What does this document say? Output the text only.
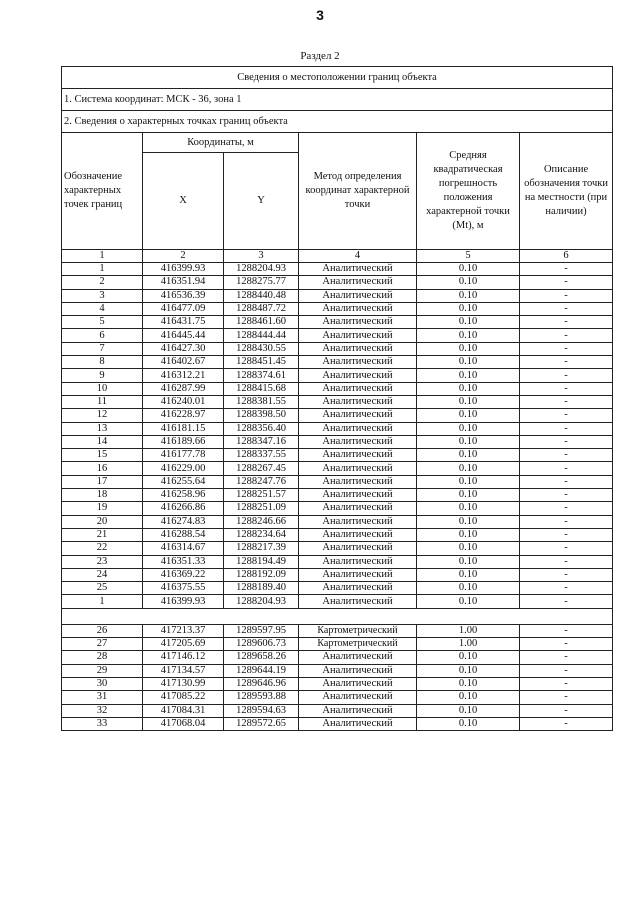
3
Раздел 2
Сведения о местоположении границ объекта					
1. Система координат: МСК - 36, зона 1					
2. Сведения о характерных точках границ объекта					
Обозначение характерных точек границ	Координаты, м		Метод определения координат характерной точки	Средняя квадратическая погрешность положения характерной точки (Mt), м	Описание обозначения точки на местности (при наличии)
	X	Y			
1	2	3	4	5	6
1	416399.93	1288204.93	Аналитический	0.10	-
2	416351.94	1288275.77	Аналитический	0.10	-
3	416536.39	1288440.48	Аналитический	0.10	-
4	416477.09	1288487.72	Аналитический	0.10	-
5	416431.75	1288461.60	Аналитический	0.10	-
6	416445.44	1288444.44	Аналитический	0.10	-
7	416427.30	1288430.55	Аналитический	0.10	-
8	416402.67	1288451.45	Аналитический	0.10	-
9	416312.21	1288374.61	Аналитический	0.10	-
10	416287.99	1288415.68	Аналитический	0.10	-
11	416240.01	1288381.55	Аналитический	0.10	-
12	416228.97	1288398.50	Аналитический	0.10	-
13	416181.15	1288356.40	Аналитический	0.10	-
14	416189.66	1288347.16	Аналитический	0.10	-
15	416177.78	1288337.55	Аналитический	0.10	-
16	416229.00	1288267.45	Аналитический	0.10	-
17	416255.64	1288247.76	Аналитический	0.10	-
18	416258.96	1288251.57	Аналитический	0.10	-
19	416266.86	1288251.09	Аналитический	0.10	-
20	416274.83	1288246.66	Аналитический	0.10	-
21	416288.54	1288234.64	Аналитический	0.10	-
22	416314.67	1288217.39	Аналитический	0.10	-
23	416351.33	1288194.49	Аналитический	0.10	-
24	416369.22	1288192.09	Аналитический	0.10	-
25	416375.55	1288189.40	Аналитический	0.10	-
1	416399.93	1288204.93	Аналитический	0.10	-

26	417213.37	1289597.95	Картометрический	1.00	-
27	417205.69	1289606.73	Картометрический	1.00	-
28	417146.12	1289658.26	Аналитический	0.10	-
29	417134.57	1289644.19	Аналитический	0.10	-
30	417130.99	1289646.96	Аналитический	0.10	-
31	417085.22	1289593.88	Аналитический	0.10	-
32	417084.31	1289594.63	Аналитический	0.10	-
33	417068.04	1289572.65	Аналитический	0.10	-
